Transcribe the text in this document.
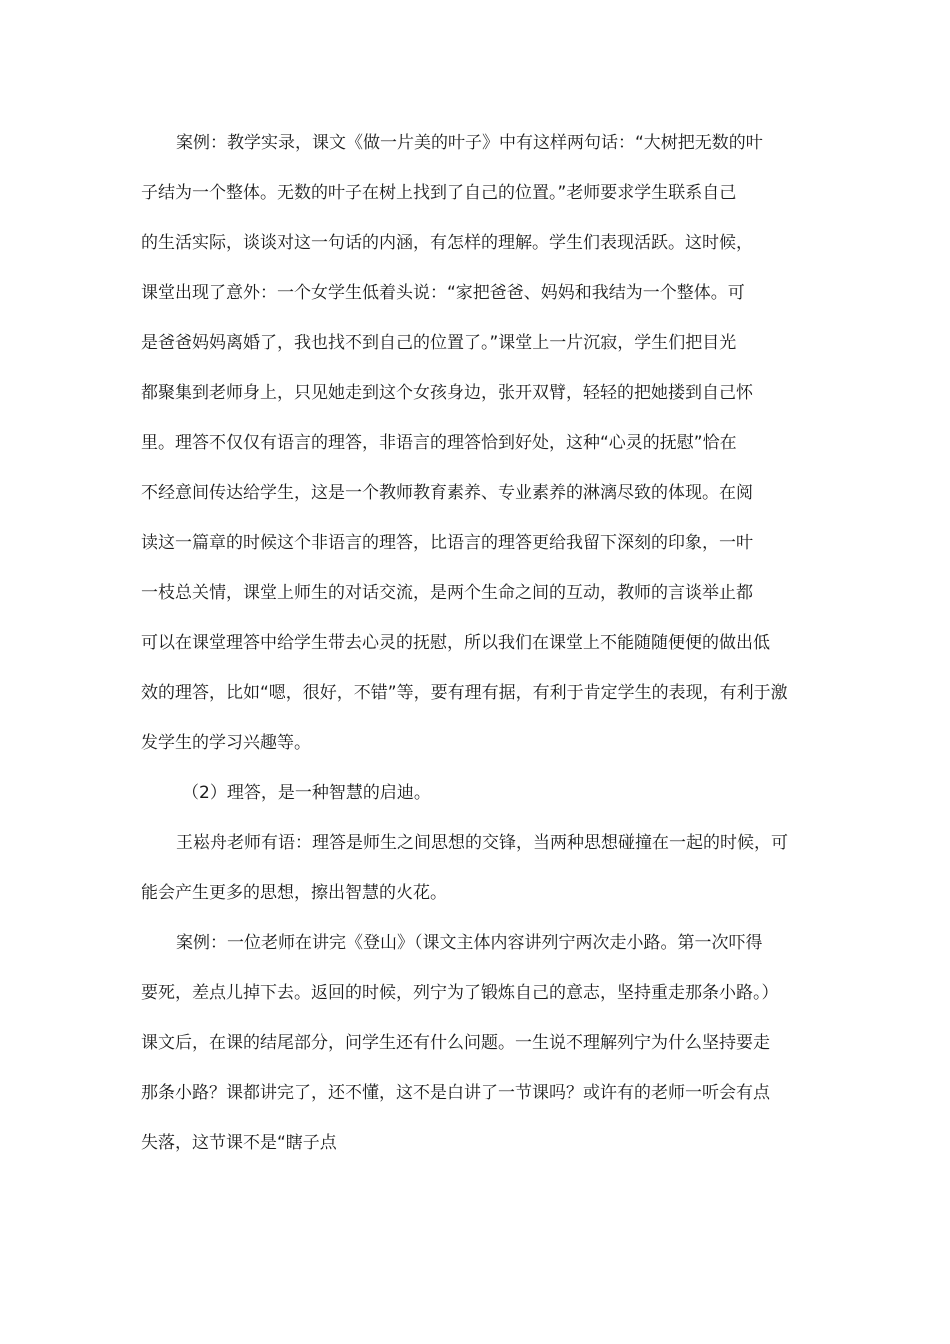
案例：教学实录，课文《做一片美的叶子》中有这样两句话：“大树把无数的叶
子结为一个整体。无数的叶子在树上找到了自己的位置。”老师要求学生联系自己
的生活实际，谈谈对这一句话的内涵，有怎样的理解。学生们表现活跃。这时候，
课堂出现了意外：一个女学生低着头说：“家把爸爸、妈妈和我结为一个整体。可
是爸爸妈妈离婚了，我也找不到自己的位置了。”课堂上一片沉寂，学生们把目光
都聚集到老师身上，只见她走到这个女孩身边，张开双臂，轻轻的把她搂到自己怀
里。理答不仅仅有语言的理答，非语言的理答恰到好处，这种“心灵的抚慰”恰在
不经意间传达给学生，这是一个教师教育素养、专业素养的淋漓尽致的体现。在阅
读这一篇章的时候这个非语言的理答，比语言的理答更给我留下深刻的印象，一叶
一枝总关情，课堂上师生的对话交流，是两个生命之间的互动，教师的言谈举止都
可以在课堂理答中给学生带去心灵的抚慰，所以我们在课堂上不能随随便便的做出低
效的理答，比如“嗯，很好，不错”等，要有理有据，有利于肯定学生的表现，有利于激
发学生的学习兴趣等。
（2）理答，是一种智慧的启迪。
王崧舟老师有语：理答是师生之间思想的交锋，当两种思想碰撞在一起的时候，可
能会产生更多的思想，擦出智慧的火花。
案例：一位老师在讲完《登山》（课文主体内容讲列宁两次走小路。第一次吓得
要死，差点儿掉下去。返回的时候，列宁为了锻炼自己的意志，坚持重走那条小路。）
课文后，在课的结尾部分，问学生还有什么问题。一生说不理解列宁为什么坚持要走
那条小路？课都讲完了，还不懂，这不是白讲了一节课吗？或许有的老师一听会有点
失落，这节课不是“瞎子点
